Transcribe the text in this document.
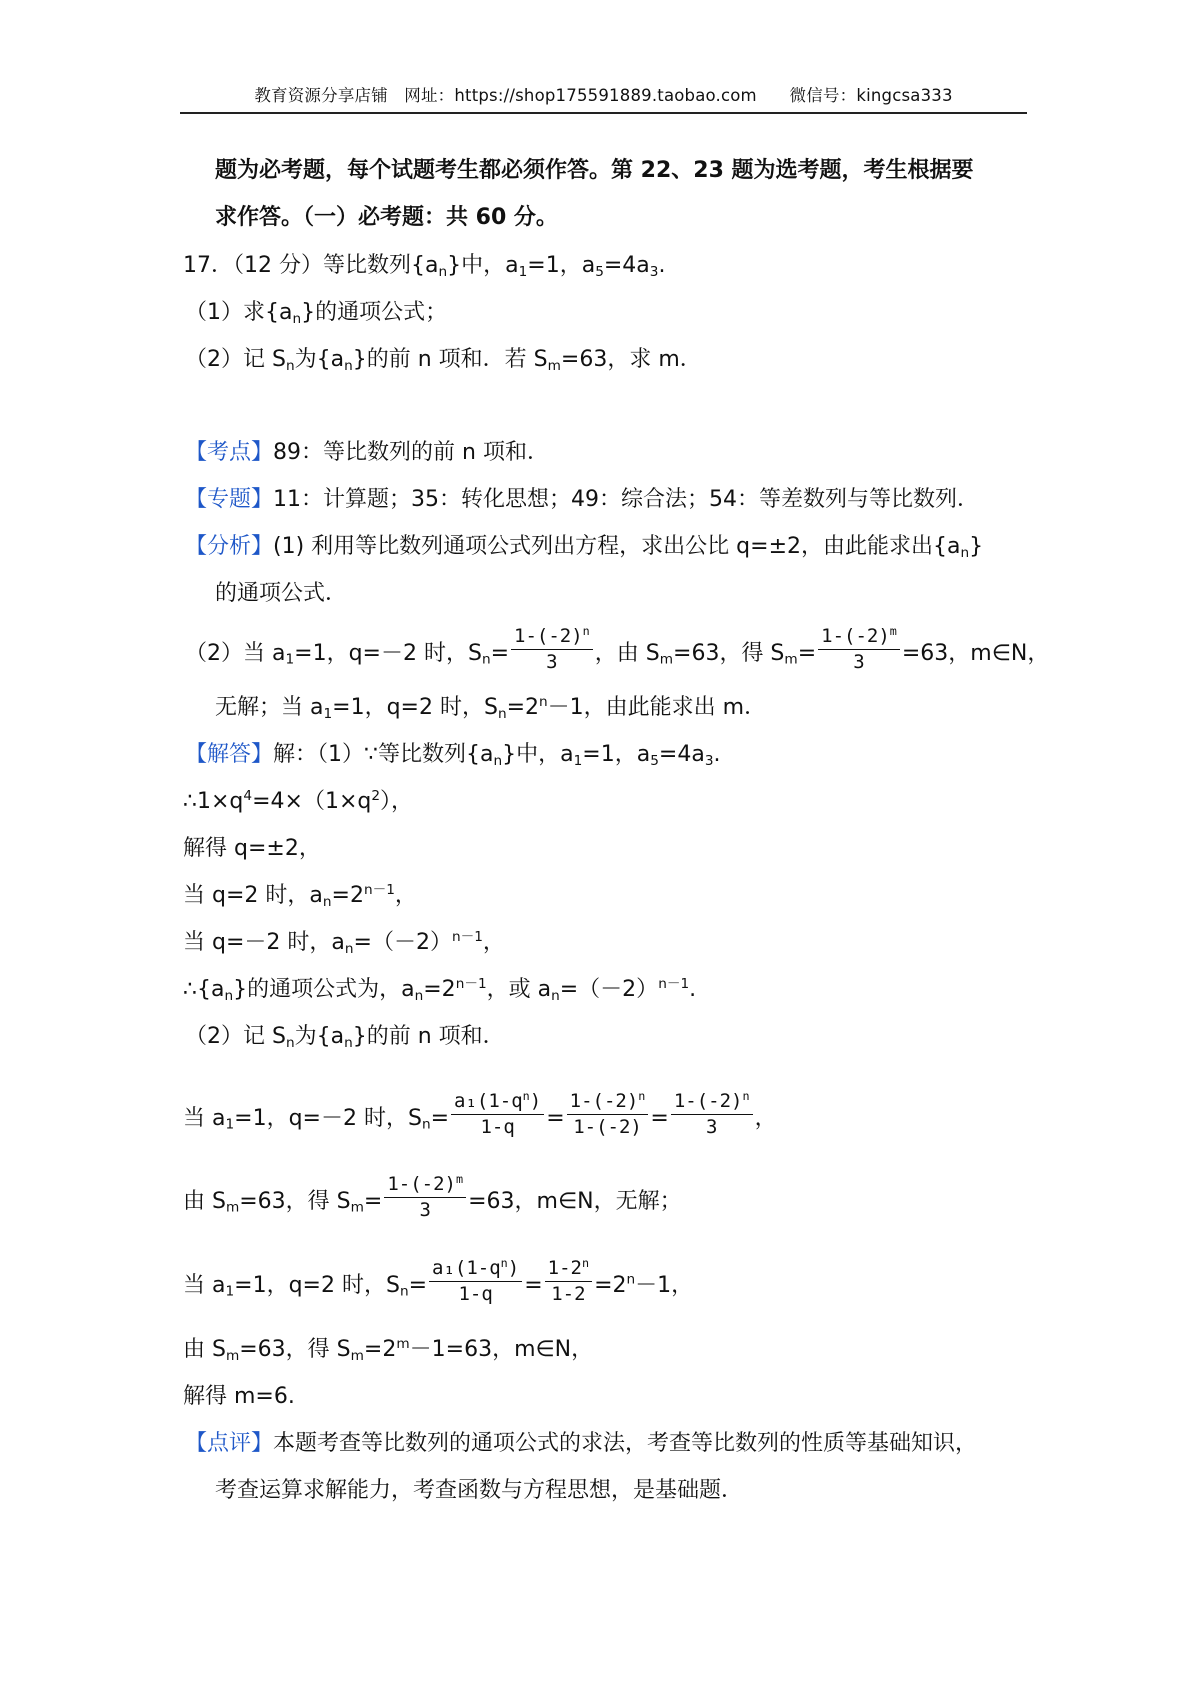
教育资源分享店铺 网址：https://shop175591889.taobao.com 微信号：kingcsa333
题为必考题，每个试题考生都必须作答。第 22、23 题为选考题，考生根据要
求作答。（一）必考题：共 60 分。
17．（12 分）等比数列$\{a_n\}$中，$a_1=1$，$a_5=4a_3$.
（1）求$\{a_n\}$的通项公式；
（2）记 $S_n$为$\{a_n\}$的前 n 项和．若 $S_m=63$，求 m．
【考点】89：等比数列的前 n 项和．
【专题】11：计算题；35：转化思想；49：综合法；54：等差数列与等比数列．
【分析】(1) 利用等比数列通项公式列出方程，求出公比 q=±2，由此能求出$\{a_n\}$
的通项公式．
（2）当 $a_1=1$，q=－2 时，$S_n= \frac{1-(-2)^n}{3}$ ，由 $S_m=63$，得 $S_m= \frac{1-(-2)^m}{3} =63$，m∈N，
无解；当 $a_1=1$，q=2 时，$S_n=2^n-1$，由此能求出 m．
【解答】解：（1）∵等比数列$\{a_n\}$中，$a_1=1$，$a_5=4a_3$.
$\therefore 1\times q^4=4\times(1\times q^2)$，
解得 q=±2，
当 q=2 时，$a_n=2^{n-1}$，
当 q=－2 时，$a_n=(-2)^{n-1}$，
$\therefore\{a_n\}$的通项公式为，$a_n=2^{n-1}$，或 $a_n=(-2)^{n-1}$.
（2）记 $S_n$为$\{a_n\}$的前 n 项和．
当 $a_1=1$，q=－2 时，$S_n= \frac{a_1(1-q^n)}{1-q} = \frac{1-(-2)^n}{1-(-2)} = \frac{1-(-2)^n}{3}$ ，
由 $S_m=63$，得 $S_m= \frac{1-(-2)^m}{3} =63$，m∈N，无解；
当 $a_1=1$，q=2 时，$S_n= \frac{a_1(1-q^n)}{1-q} = \frac{1-2^n}{1-2} =2^n-1$，
由 $S_m=63$，得 $S_m=2^m-1=63$，m∈N，
解得 m=6.
【点评】本题考查等比数列的通项公式的求法，考查等比数列的性质等基础知识，
考查运算求解能力，考查函数与方程思想，是基础题．
